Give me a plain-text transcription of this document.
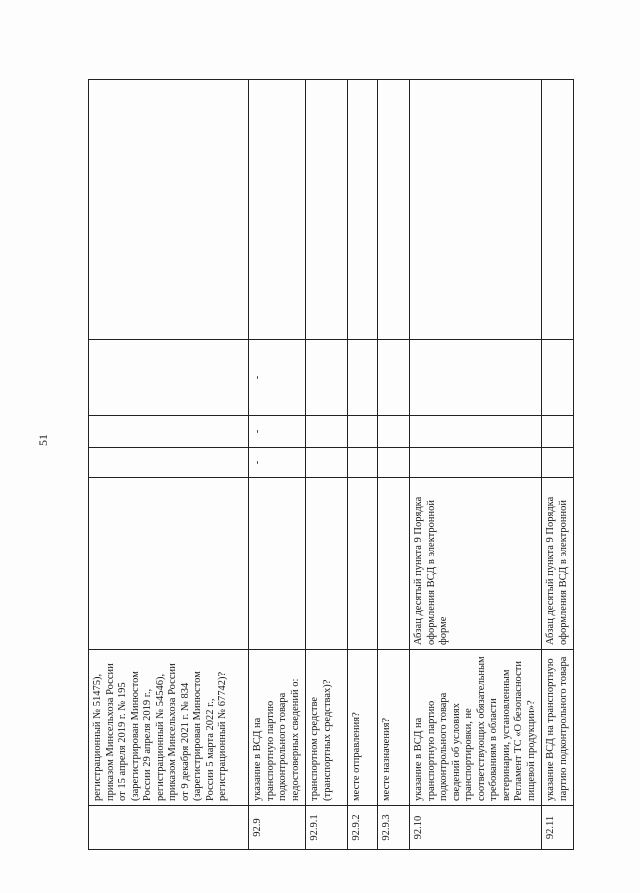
51
	регистрационный № 51475), приказом Минсельхоза России от 15 апреля 2019 г. № 195 (зарегистрирован Минюстом России 29 апреля 2019 г., регистрационный № 54546), приказом Минсельхоза России от 9 декабря 2021 г. № 834 (зарегистрирован Минюстом России 5 марта 2022 г., регистрационный № 67742)?					
92.9	указание в ВСД на транспортную партию подконтрольного товара недостоверных сведений о:		-	-	-	
92.9.1	транспортном средстве (транспортных средствах)?					
92.9.2	месте отправления?					
92.9.3	месте назначения?					
92.10	указание в ВСД на транспортную партию подконтрольного товара сведений об условиях транспортировки, не соответствующих обязательным требованиям в области ветеринарии, установленным Регламент ТС «О безопасности пищевой продукции»?	Абзац десятый пункта 9 Порядка оформления ВСД в электронной форме				
92.11	указание ВСД на транспортную партию подконтрольного товара	Абзац десятый пункта 9 Порядка оформления ВСД в электронной				
